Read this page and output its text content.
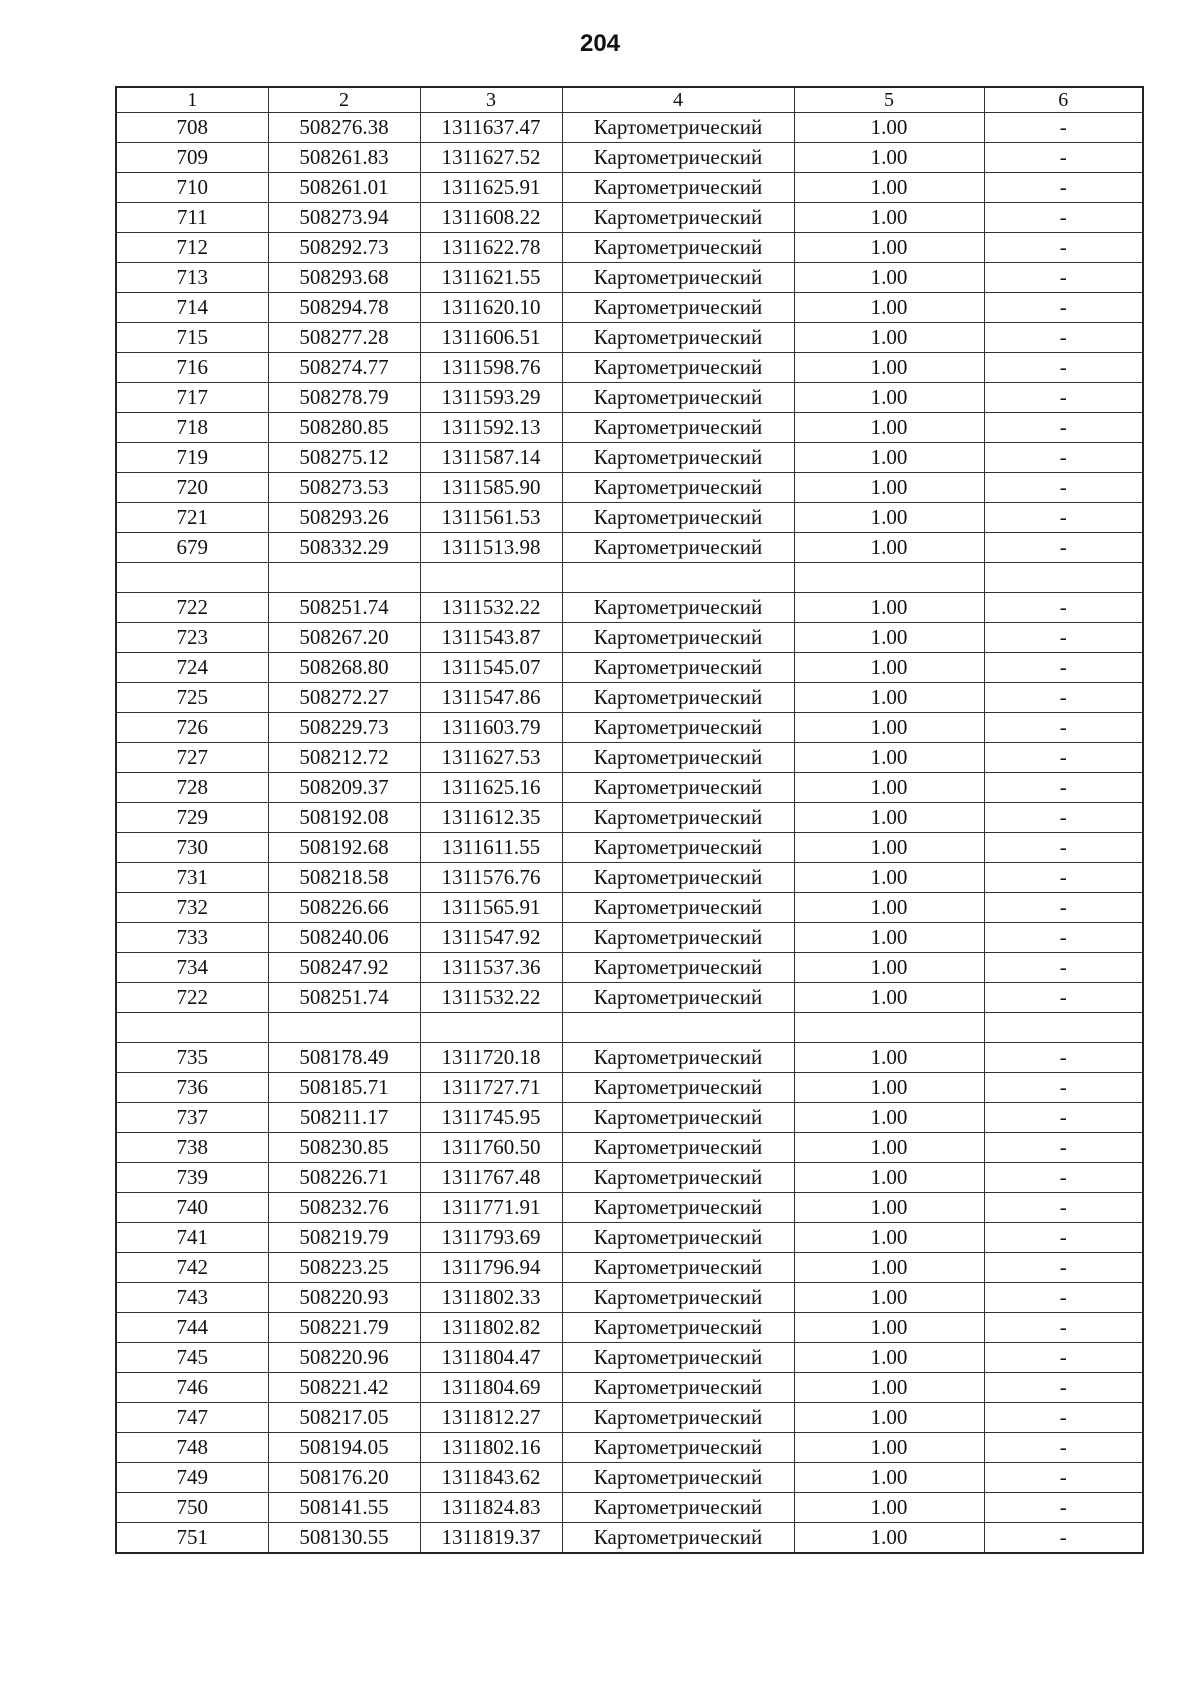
204
1	2	3	4	5	6
708	508276.38	1311637.47	Картометрический	1.00	-
709	508261.83	1311627.52	Картометрический	1.00	-
710	508261.01	1311625.91	Картометрический	1.00	-
711	508273.94	1311608.22	Картометрический	1.00	-
712	508292.73	1311622.78	Картометрический	1.00	-
713	508293.68	1311621.55	Картометрический	1.00	-
714	508294.78	1311620.10	Картометрический	1.00	-
715	508277.28	1311606.51	Картометрический	1.00	-
716	508274.77	1311598.76	Картометрический	1.00	-
717	508278.79	1311593.29	Картометрический	1.00	-
718	508280.85	1311592.13	Картометрический	1.00	-
719	508275.12	1311587.14	Картометрический	1.00	-
720	508273.53	1311585.90	Картометрический	1.00	-
721	508293.26	1311561.53	Картометрический	1.00	-
679	508332.29	1311513.98	Картометрический	1.00	-

722	508251.74	1311532.22	Картометрический	1.00	-
723	508267.20	1311543.87	Картометрический	1.00	-
724	508268.80	1311545.07	Картометрический	1.00	-
725	508272.27	1311547.86	Картометрический	1.00	-
726	508229.73	1311603.79	Картометрический	1.00	-
727	508212.72	1311627.53	Картометрический	1.00	-
728	508209.37	1311625.16	Картометрический	1.00	-
729	508192.08	1311612.35	Картометрический	1.00	-
730	508192.68	1311611.55	Картометрический	1.00	-
731	508218.58	1311576.76	Картометрический	1.00	-
732	508226.66	1311565.91	Картометрический	1.00	-
733	508240.06	1311547.92	Картометрический	1.00	-
734	508247.92	1311537.36	Картометрический	1.00	-
722	508251.74	1311532.22	Картометрический	1.00	-

735	508178.49	1311720.18	Картометрический	1.00	-
736	508185.71	1311727.71	Картометрический	1.00	-
737	508211.17	1311745.95	Картометрический	1.00	-
738	508230.85	1311760.50	Картометрический	1.00	-
739	508226.71	1311767.48	Картометрический	1.00	-
740	508232.76	1311771.91	Картометрический	1.00	-
741	508219.79	1311793.69	Картометрический	1.00	-
742	508223.25	1311796.94	Картометрический	1.00	-
743	508220.93	1311802.33	Картометрический	1.00	-
744	508221.79	1311802.82	Картометрический	1.00	-
745	508220.96	1311804.47	Картометрический	1.00	-
746	508221.42	1311804.69	Картометрический	1.00	-
747	508217.05	1311812.27	Картометрический	1.00	-
748	508194.05	1311802.16	Картометрический	1.00	-
749	508176.20	1311843.62	Картометрический	1.00	-
750	508141.55	1311824.83	Картометрический	1.00	-
751	508130.55	1311819.37	Картометрический	1.00	-
